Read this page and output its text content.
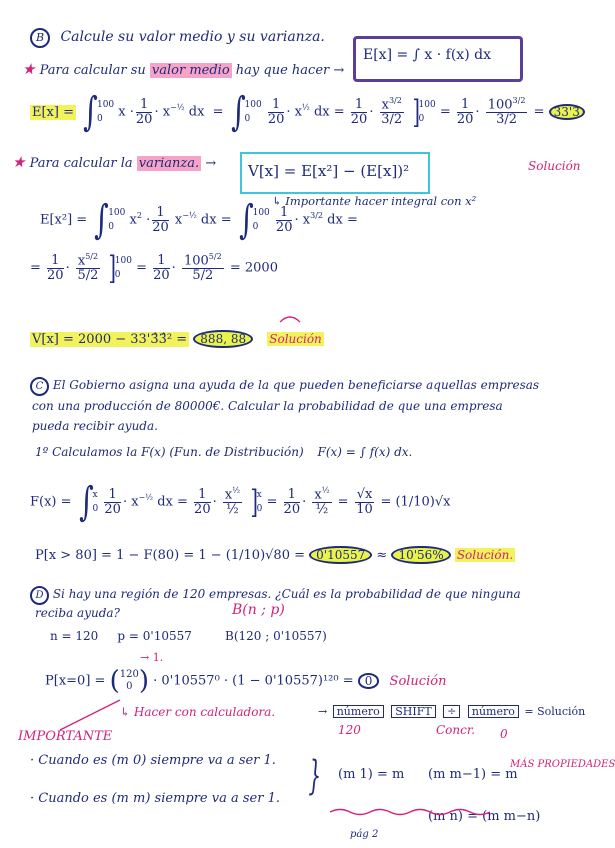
B Calcule su valor medio y su varianza.
E[x] = ∫ x · f(x) dx
★ Para calcular su valor medio hay que hacer →
E[x] = ∫100
0 $x \cdot \frac{1}{20} \cdot x^{-\frac{1}{2}}$ dx  = ∫100
$0 \frac{1}{20} \cdot x^{\frac{1}{2}}$ dx = $\frac{1}{20} \cdot \frac{x^{3/2}}{3/2} ]100$
$0 = \frac{1}{20} \cdot \frac{100^{3/2}}{3/2} = 33'3$
★ Para calcular la varianza. → V[x] = E[x²] − (E[x])²	Solución
↳ Importante hacer integral con x²
E[x²] = ∫100
0 $x^2 \cdot \frac{1}{20} x^{-\frac{1}{2}}$ dx = ∫100
$0 \frac{1}{20} \cdot x^{3/2}$ dx =
= $\frac{1}{20} \cdot \frac{x^{5/2}}{5/2} ]100$
$0 = \frac{1}{20} \cdot \frac{100^{5/2}}{5/2} = 2000$
V[x] = 2000 − 33'3̂3̂² = 888, 88 Solución
C El Gobierno asigna una ayuda de la que pueden beneficiarse aquellas empresas
con una producción de 80000€. Calcular la probabilidad de que una empresa
pueda recibir ayuda.
1º Calculamos la F(x) (Fun. de Distribución) F(x) = ∫ f(x) dx.
F(x) = ∫x
$0 \frac{1}{20} \cdot x^{-\frac{1}{2}}$ dx = $\frac{1}{20} \cdot \frac{x^{\frac{1}{2}}}{\text{½}} ]x$
$0 = \frac{1}{20} \cdot \frac{x^{\frac{1}{2}}}{\text{½}} = \frac{√x}{10} = (1/10)√x$
P[x > 80] = 1 − F(80) = 1 − (1/10)√80 = 0'10557 ≈ 10'56% Solución.
D Si hay una región de 120 empresas. ¿Cuál es la probabilidad de que ninguna
reciba ayuda?	B(n ; p)
n = 120     p = 0'10557	B(120 ; 0'10557)
→ 1.
P[x=0] = (120
0 ) · 0'10557⁰ · (1 − 0'10557)¹²⁰ = 0 Solución
↳ Hacer con calculadora.	→ número SHIFT ÷ número = Solución
120	Concr. 0
IMPORTANTE
· Cuando es (m 0) siempre va a ser 1.
· Cuando es (m m) siempre va a ser 1. }	MÁS PROPIEDADES
(m 1) = m (m m−1) = m
(m n) = (m m−n)
pág 2
